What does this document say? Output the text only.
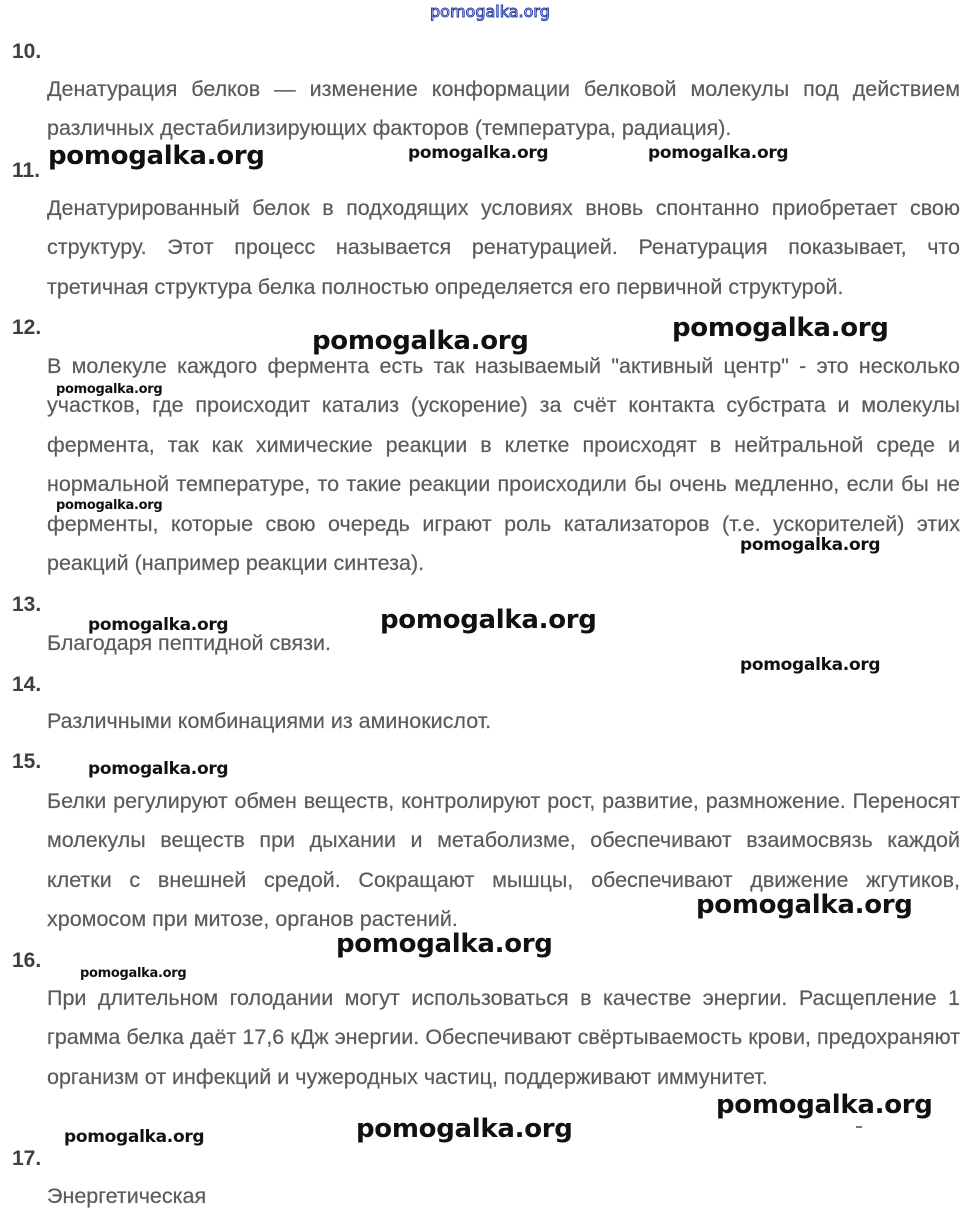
pomogalka.org
10.
Денатурация белков — изменение конформации белковой молекулы под действием различных дестабилизирующих факторов (температура, радиация).
11.
Денатурированный белок в подходящих условиях вновь спонтанно приобретает свою структуру. Этот процесс называется ренатурацией. Ренатурация показывает, что третичная структура белка полностью определяется его первичной структурой.
12.
В молекуле каждого фермента есть так называемый "активный центр" - это несколько участков, где происходит катализ (ускорение) за счёт контакта субстрата и молекулы фермента, так как химические реакции в клетке происходят в нейтральной среде и нормальной температуре, то такие реакции происходили бы очень медленно, если бы не ферменты, которые свою очередь играют роль катализаторов (т.е. ускорителей) этих реакций (например реакции синтеза).
13.
Благодаря пептидной связи.
14.
Различными комбинациями из аминокислот.
15.
Белки регулируют обмен веществ, контролируют рост, развитие, размножение. Переносят молекулы веществ при дыхании и метаболизме, обеспечивают взаимосвязь каждой клетки с внешней средой. Сокращают мышцы, обеспечивают движение жгутиков, хромосом при митозе, органов растений.
16.
При длительном голодании могут использоваться в качестве энергии. Расщепление 1 грамма белка даёт 17,6 кДж энергии. Обеспечивают свёртываемость крови, предохраняют организм от инфекций и чужеродных частиц, поддерживают иммунитет.
17.
Энергетическая
pomogalka.org	pomogalka.org	pomogalka.org
pomogalka.org
pomogalka.org
pomogalka.org
pomogalka.org
pomogalka.org
pomogalka.org	pomogalka.org
pomogalka.org
pomogalka.org
pomogalka.org
pomogalka.org
pomogalka.org
pomogalka.org
pomogalka.org
pomogalka.org
